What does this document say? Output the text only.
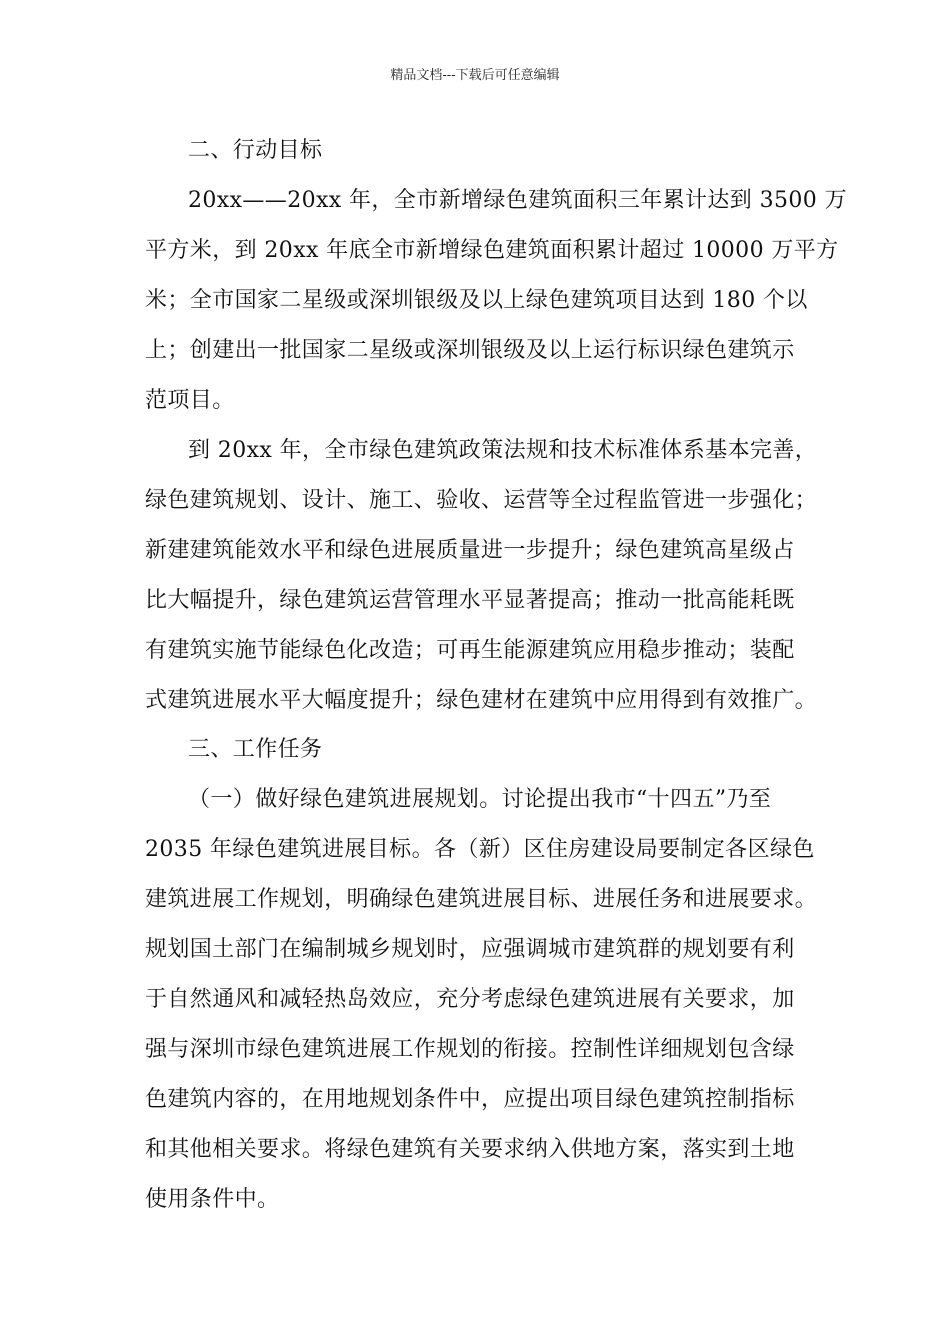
精品文档---下载后可任意编辑
二、行动目标
20xx——20xx 年，全市新增绿色建筑面积三年累计达到 3500 万
平方米，到 20xx 年底全市新增绿色建筑面积累计超过 10000 万平方
米；全市国家二星级或深圳银级及以上绿色建筑项目达到 180 个以
上；创建出一批国家二星级或深圳银级及以上运行标识绿色建筑示
范项目。
到 20xx 年，全市绿色建筑政策法规和技术标准体系基本完善，
绿色建筑规划、设计、施工、验收、运营等全过程监管进一步强化；
新建建筑能效水平和绿色进展质量进一步提升；绿色建筑高星级占
比大幅提升，绿色建筑运营管理水平显著提高；推动一批高能耗既
有建筑实施节能绿色化改造；可再生能源建筑应用稳步推动；装配
式建筑进展水平大幅度提升；绿色建材在建筑中应用得到有效推广。
三、工作任务
（一）做好绿色建筑进展规划。讨论提出我市“十四五”乃至
2035 年绿色建筑进展目标。各（新）区住房建设局要制定各区绿色
建筑进展工作规划，明确绿色建筑进展目标、进展任务和进展要求。
规划国土部门在编制城乡规划时，应强调城市建筑群的规划要有利
于自然通风和减轻热岛效应，充分考虑绿色建筑进展有关要求，加
强与深圳市绿色建筑进展工作规划的衔接。控制性详细规划包含绿
色建筑内容的，在用地规划条件中，应提出项目绿色建筑控制指标
和其他相关要求。将绿色建筑有关要求纳入供地方案，落实到土地
使用条件中。
